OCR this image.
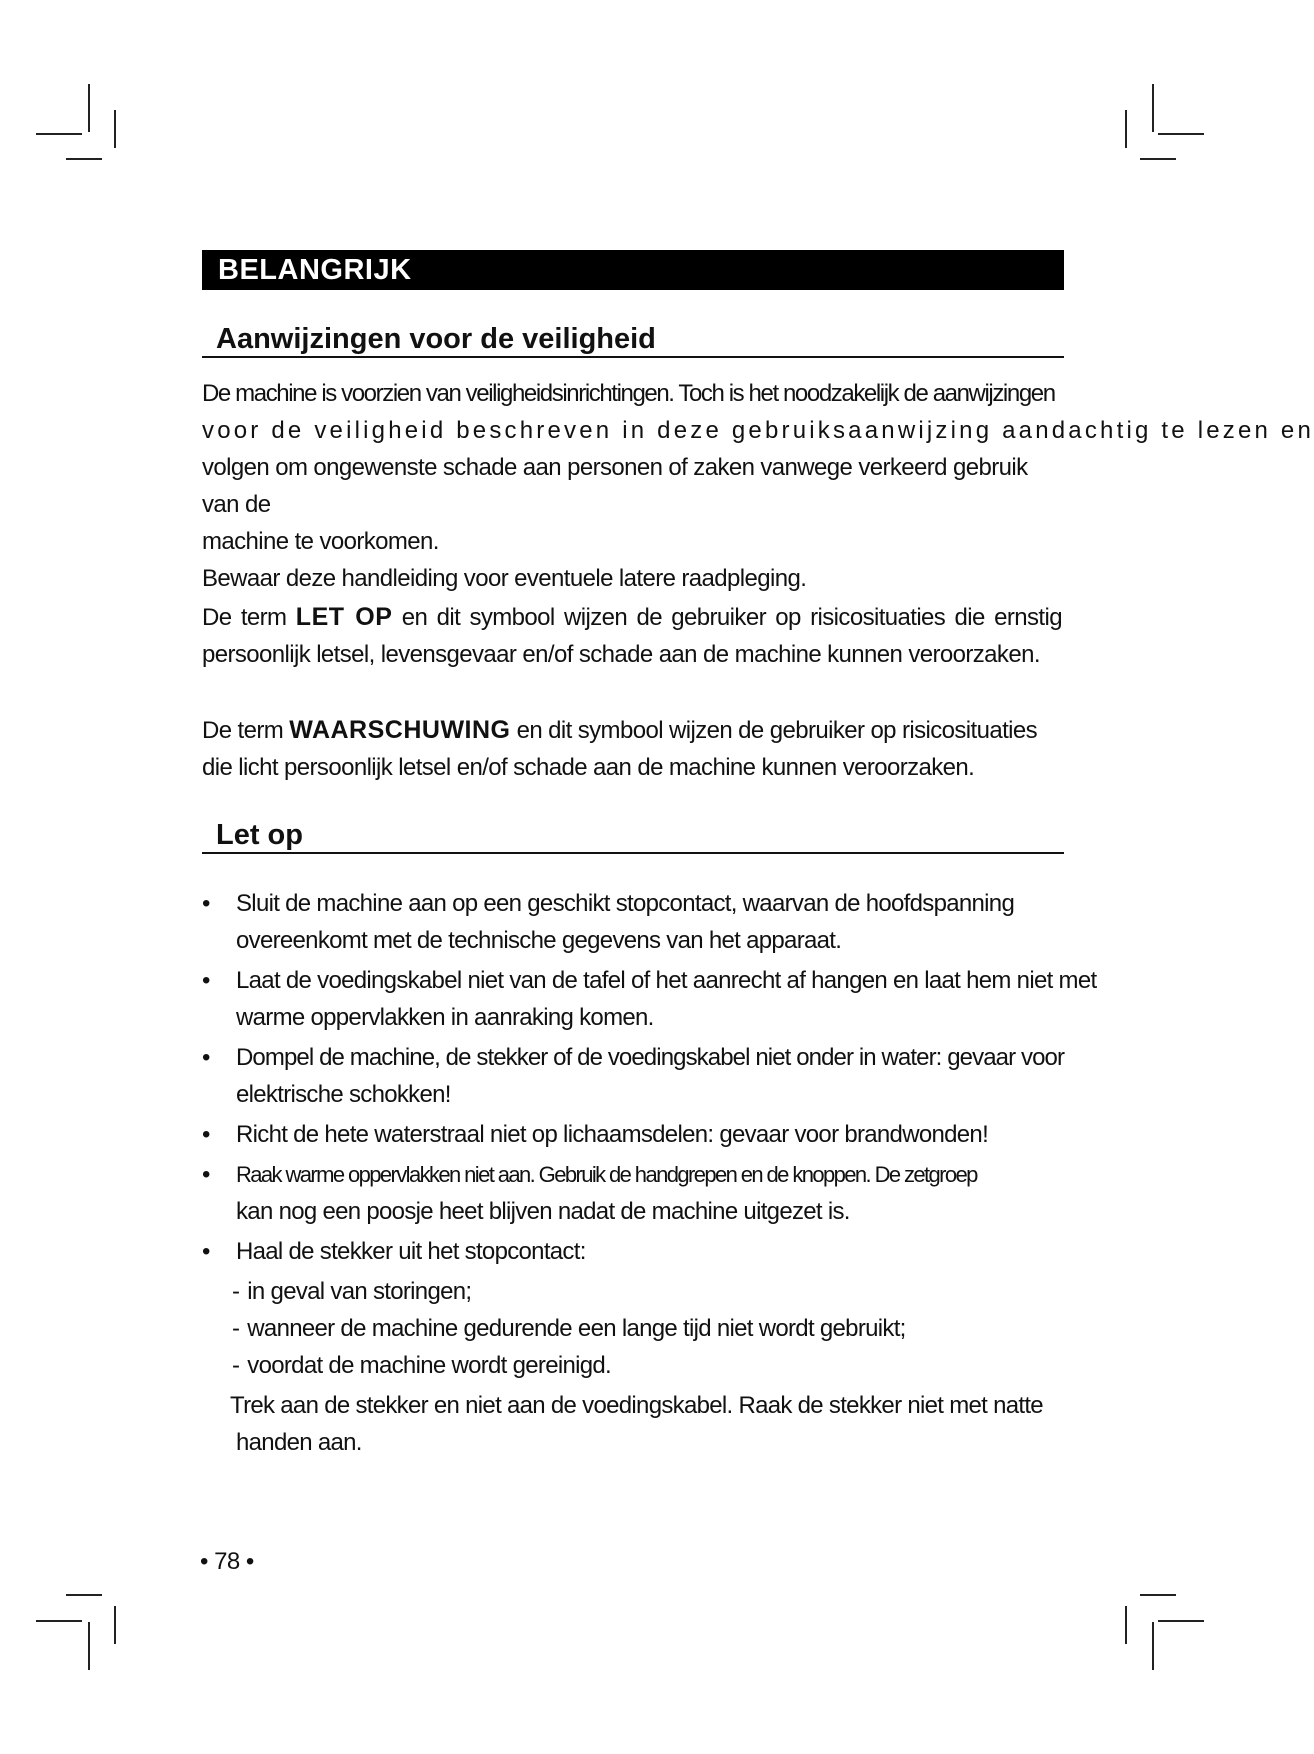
BELANGRIJK
Aanwijzingen voor de veiligheid

De machine is voorzien van veiligheidsinrichtingen. Toch is het noodzakelijk de aanwijzingen

voor de veiligheid beschreven in deze gebruiksaanwijzing aandachtig te lezen en

volgen om ongewenste schade aan personen of zaken vanwege verkeerd gebruik van de

machine te voorkomen.

Bewaar deze handleiding voor eventuele latere raadpleging.

De term LET OP en dit symbool wijzen de gebruiker op risicosituaties die ernstig persoonlijk letsel, levensgevaar en/of schade aan de machine kunnen veroorzaken.
De term WAARSCHUWING en dit symbool wijzen de gebruiker op risicosituaties die licht persoonlijk letsel en/of schade aan de machine kunnen veroorzaken.
Let op
• Sluit de machine aan op een geschikt stopcontact, waarvan de hoofdspanning
overeenkomt met de technische gegevens van het apparaat.
• Laat de voedingskabel niet van de tafel of het aanrecht af hangen en laat hem niet met
warme oppervlakken in aanraking komen.
• Dompel de machine, de stekker of de voedingskabel niet onder in water: gevaar voor
elektrische schokken!
• Richt de hete waterstraal niet op lichaamsdelen: gevaar voor brandwonden!
• Raak warme oppervlakken niet aan. Gebruik de handgrepen en de knoppen. De zetgroep
kan nog een poosje heet blijven nadat de machine uitgezet is.
• Haal de stekker uit het stopcontact:
- in geval van storingen;
- wanneer de machine gedurende een lange tijd niet wordt gebruikt;
- voordat de machine wordt gereinigd.
Trek aan de stekker en niet aan de voedingskabel. Raak de stekker niet met natte
handen aan.
• 78 •
